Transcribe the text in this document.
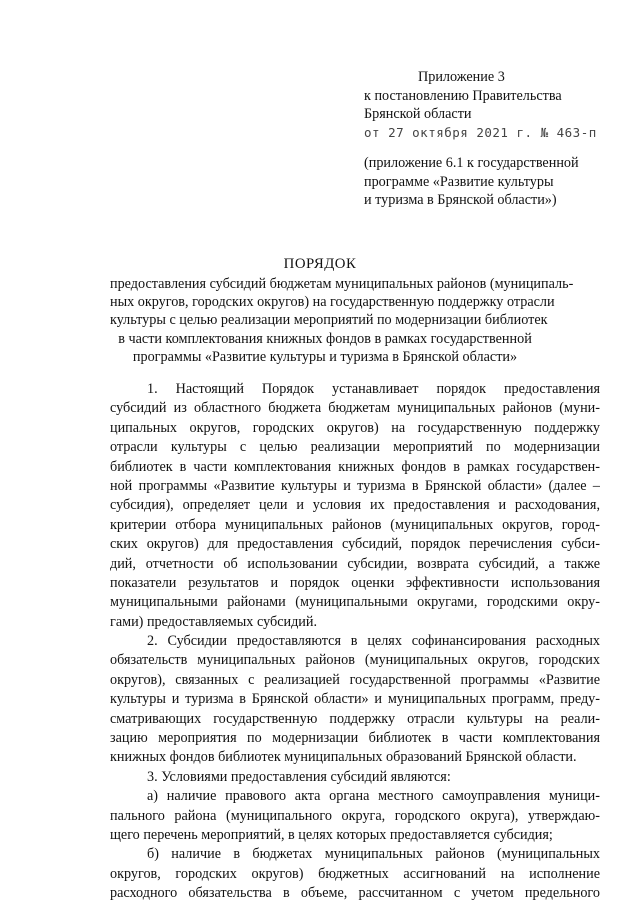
Приложение 3
к постановлению Правительства
Брянской области
от 27 октября 2021 г. № 463-п
(приложение 6.1 к государственной
программе «Развитие культуры
и туризма в Брянской области»)
ПОРЯДОК
предоставления субсидий бюджетам муниципальных районов (муниципаль-
ных округов, городских округов) на государственную поддержку отрасли
культуры с целью реализации мероприятий по модернизации библиотек
в части комплектования книжных фондов в рамках государственной
программы «Развитие культуры и туризма в Брянской области»
1. Настоящий Порядок устанавливает порядок предоставления
субсидий из областного бюджета бюджетам муниципальных районов (муни-
ципальных округов, городских округов) на государственную поддержку
отрасли культуры с целью реализации мероприятий по модернизации
библиотек в части комплектования книжных фондов в рамках государствен-
ной программы «Развитие культуры и туризма в Брянской области» (далее –
субсидия), определяет цели и условия их предоставления и расходования,
критерии отбора муниципальных районов (муниципальных округов, город-
ских округов) для предоставления субсидий, порядок перечисления субси-
дий, отчетности об использовании субсидии, возврата субсидий, а также
показатели результатов и порядок оценки эффективности использования
муниципальными районами (муниципальными округами, городскими окру-
гами) предоставляемых субсидий.
2. Субсидии предоставляются в целях софинансирования расходных
обязательств муниципальных районов (муниципальных округов, городских
округов), связанных с реализацией государственной программы «Развитие
культуры и туризма в Брянской области» и муниципальных программ, преду-
сматривающих государственную поддержку отрасли культуры на реали-
зацию мероприятия по модернизации библиотек в части комплектования
книжных фондов библиотек муниципальных образований Брянской области.
3. Условиями предоставления субсидий являются:
а) наличие правового акта органа местного самоуправления муници-
пального района (муниципального округа, городского округа), утверждаю-
щего перечень мероприятий, в целях которых предоставляется субсидия;
б) наличие в бюджетах муниципальных районов (муниципальных
округов, городских округов) бюджетных ассигнований на исполнение
расходного обязательства в объеме, рассчитанном с учетом предельного
